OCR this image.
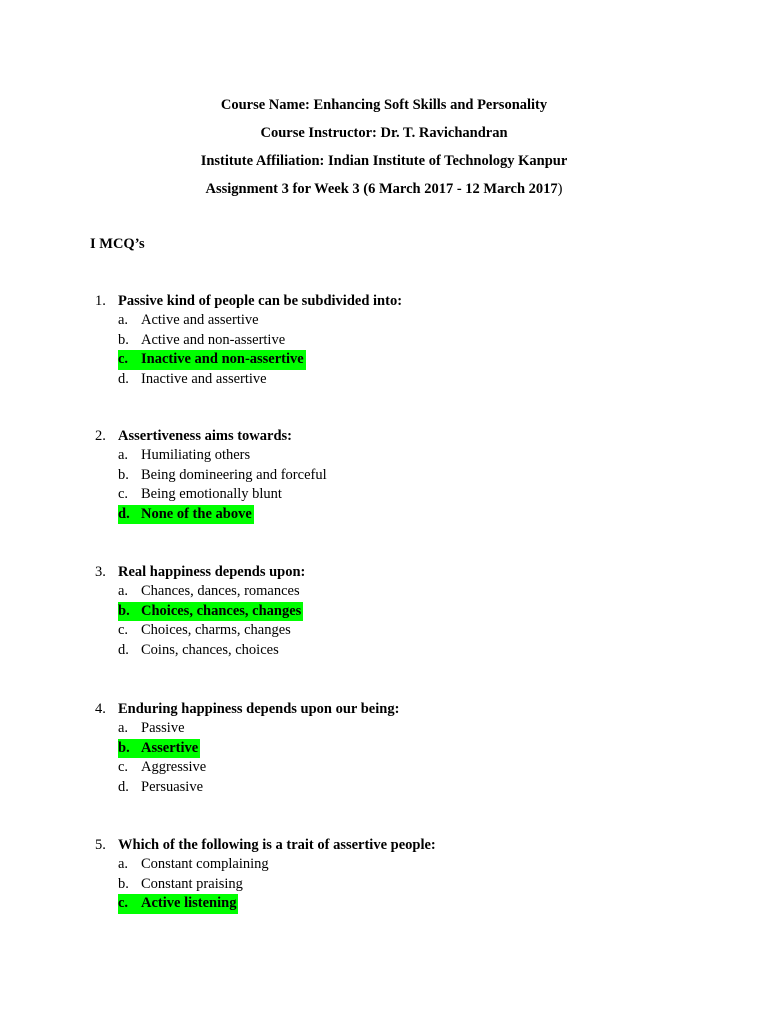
Course Name: Enhancing Soft Skills and Personality
Course Instructor: Dr. T. Ravichandran
Institute Affiliation: Indian Institute of Technology Kanpur
Assignment 3 for Week 3 (6 March 2017 - 12 March 2017)
I MCQ’s
1. Passive kind of people can be subdivided into:
a. Active and assertive
b. Active and non-assertive
c. Inactive and non-assertive
d. Inactive and assertive
2. Assertiveness aims towards:
a. Humiliating others
b. Being domineering and forceful
c. Being emotionally blunt
d. None of the above
3. Real happiness depends upon:
a. Chances, dances, romances
b. Choices, chances, changes
c. Choices, charms, changes
d. Coins, chances, choices
4. Enduring happiness depends upon our being:
a. Passive
b. Assertive
c. Aggressive
d. Persuasive
5. Which of the following is a trait of assertive people:
a. Constant complaining
b. Constant praising
c. Active listening
